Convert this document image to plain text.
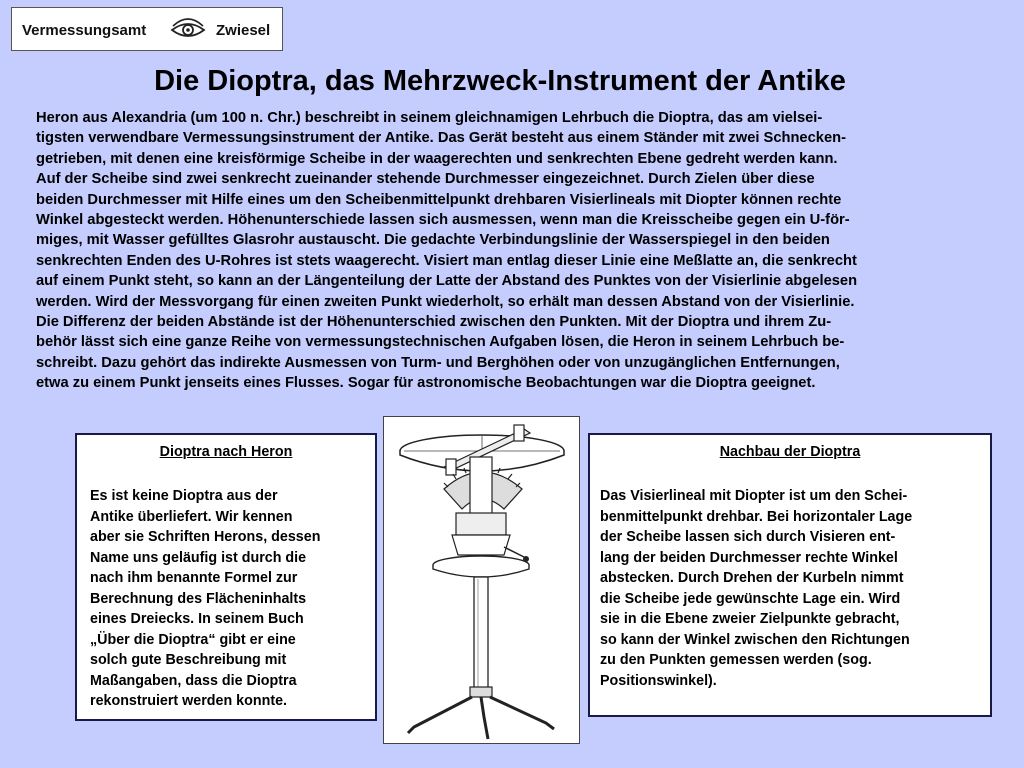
Vermessungsamt	Zwiesel
Die Dioptra, das Mehrzweck-Instrument der Antike

Heron aus Alexandria (um 100 n. Chr.) beschreibt in seinem gleichnamigen Lehrbuch die Dioptra, das am vielsei-
tigsten verwendbare Vermessungsinstrument der Antike. Das Gerät besteht aus einem Ständer mit zwei Schnecken-
getrieben, mit denen eine kreisförmige Scheibe in der waagerechten und senkrechten Ebene gedreht werden kann.
Auf der Scheibe sind zwei senkrecht zueinander stehende Durchmesser eingezeichnet. Durch Zielen über diese
beiden Durchmesser mit Hilfe eines um den Scheibenmittelpunkt drehbaren Visierlineals mit Diopter können rechte
Winkel abgesteckt werden. Höhenunterschiede lassen sich ausmessen, wenn man die Kreisscheibe gegen ein U-för-
miges, mit Wasser gefülltes Glasrohr austauscht. Die gedachte Verbindungslinie der Wasserspiegel in den beiden
senkrechten Enden des U-Rohres ist stets waagerecht. Visiert man entlag dieser Linie eine Meßlatte an, die senkrecht
auf einem Punkt steht, so kann an der Längenteilung der Latte der Abstand des Punktes von der Visierlinie abgelesen
werden. Wird der Messvorgang für einen zweiten Punkt wiederholt, so erhält man dessen Abstand von der Visierlinie.
Die Differenz der beiden Abstände ist der Höhenunterschied zwischen den Punkten. Mit der Dioptra und ihrem Zu-
behör lässt sich eine ganze Reihe von vermessungstechnischen Aufgaben lösen, die Heron in seinem Lehrbuch be-
schreibt. Dazu gehört das indirekte Ausmessen von Turm- und Berghöhen oder von unzugänglichen Entfernungen,
etwa zu einem Punkt jenseits eines Flusses. Sogar für astronomische Beobachtungen war die Dioptra geeignet.

Dioptra nach Heron
Es ist keine Dioptra aus der
Antike überliefert. Wir kennen
aber sie Schriften Herons, dessen
Name uns geläufig ist durch die
nach ihm benannte Formel zur
Berechnung des Flächeninhalts
eines Dreiecks. In seinem Buch
„Über die Dioptra“ gibt er eine
solch gute Beschreibung mit
Maßangaben, dass die Dioptra
rekonstruiert werden konnte.
Nachbau der Dioptra
Das Visierlineal mit Diopter ist um den Schei-
benmittelpunkt drehbar. Bei horizontaler Lage
der Scheibe lassen sich durch Visieren ent-
lang der beiden Durchmesser rechte Winkel
abstecken. Durch Drehen der Kurbeln nimmt
die Scheibe jede gewünschte Lage ein. Wird
sie in die Ebene zweier Zielpunkte gebracht,
so kann der Winkel zwischen den Richtungen
zu den Punkten gemessen werden (sog.
Positionswinkel).
